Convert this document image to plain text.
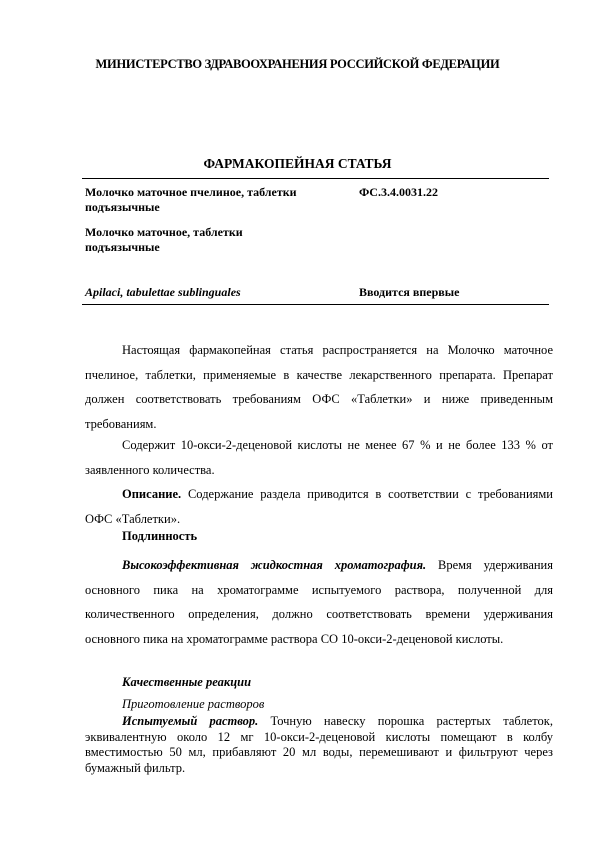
МИНИСТЕРСТВО ЗДРАВООХРАНЕНИЯ РОССИЙСКОЙ ФЕДЕРАЦИИ
ФАРМАКОПЕЙНАЯ СТАТЬЯ
Молочко маточное пчелиное, таблетки подъязычные
ФС.3.4.0031.22
Молочко маточное, таблетки подъязычные
Apilaci, tabulettae sublinguales	Вводится впервые

Настоящая фармакопейная статья распространяется на Молочко маточное пчелиное, таблетки, применяемые в качестве лекарственного препарата. Препарат должен соответствовать требованиям ОФС «Таблетки» и ниже приведенным требованиям.

Содержит 10-окси-2-деценовой кислоты не менее 67 % и не более 133 % от заявленного количества.

Описание. Содержание раздела приводится в соответствии с требованиями ОФС «Таблетки».

Подлинность

Высокоэффективная жидкостная хроматография. Время удерживания основного пика на хроматограмме испытуемого раствора, полученной для количественного определения, должно соответствовать времени удерживания основного пика на хроматограмме раствора СО 10-окси-2-деценовой кислоты.

Качественные реакции
Приготовление растворов

Испытуемый раствор. Точную навеску порошка растертых таблеток, эквивалентную около 12 мг 10-окси-2-деценовой кислоты помещают в колбу вместимостью 50 мл, прибавляют 20 мл воды, перемешивают и фильтруют через бумажный фильтр.
